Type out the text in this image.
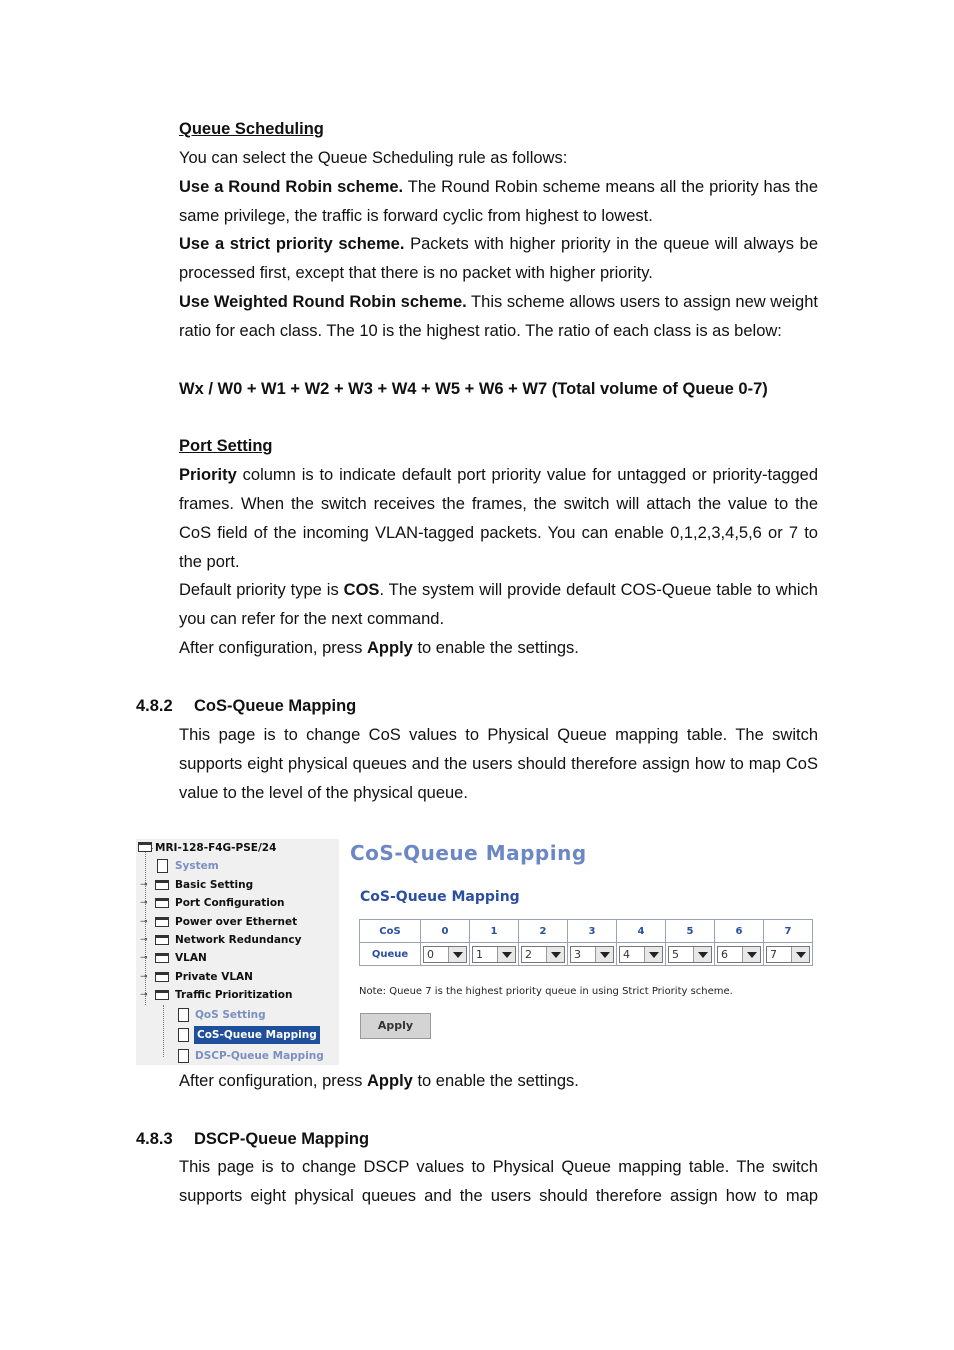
Queue Scheduling
You can select the Queue Scheduling rule as follows:
Use a Round Robin scheme. The Round Robin scheme means all the priority has the same privilege, the traffic is forward cyclic from highest to lowest.
Use a strict priority scheme. Packets with higher priority in the queue will always be processed first, except that there is no packet with higher priority.
Use Weighted Round Robin scheme. This scheme allows users to assign new weight ratio for each class. The 10 is the highest ratio. The ratio of each class is as below:
Wx / W0 + W1 + W2 + W3 + W4 + W5 + W6 + W7 (Total volume of Queue 0-7)
Port Setting
Priority column is to indicate default port priority value for untagged or priority-tagged frames. When the switch receives the frames, the switch will attach the value to the CoS field of the incoming VLAN-tagged packets. You can enable 0,1,2,3,4,5,6 or 7 to the port.
Default priority type is COS. The system will provide default COS-Queue table to which you can refer for the next command.
After configuration, press Apply to enable the settings.
4.8.2 CoS-Queue Mapping
This page is to change CoS values to Physical Queue mapping table. The switch supports eight physical queues and the users should therefore assign how to map CoS value to the level of the physical queue.
MRI-128-F4G-PSE/24
System
⊸	Basic Setting
⊸	Port Configuration
⊸	Power over Ethernet
⊸	Network Redundancy
⊸	VLAN
⊸	Private VLAN
⊸	Traffic Prioritization
QoS Setting
CoS-Queue Mapping
DSCP-Queue Mapping
CoS-Queue Mapping
CoS-Queue Mapping
CoS	0	1	2	3	4	5	6	7
Queue	0	1	2	3	4	5	6	7
Note: Queue 7 is the highest priority queue in using Strict Priority scheme.
Apply
After configuration, press Apply to enable the settings.
4.8.3 DSCP-Queue Mapping
This page is to change DSCP values to Physical Queue mapping table. The switch supports eight physical queues and the users should therefore assign how to map
